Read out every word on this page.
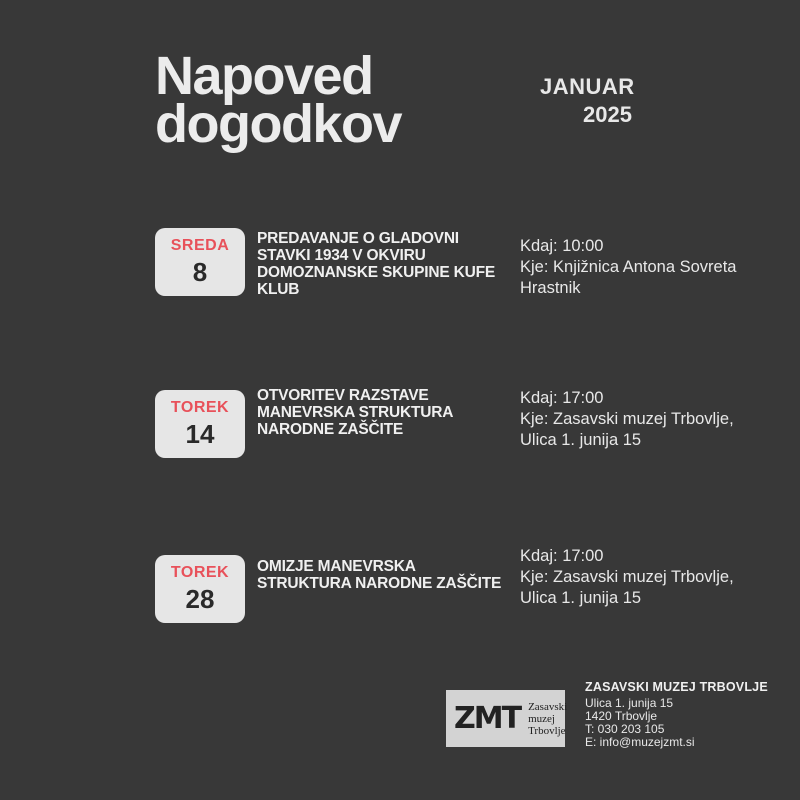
Napoved
dogodkov
JANUAR
2025
SREDA
8
PREDAVANJE O GLADOVNI STAVKI 1934 V OKVIRU DOMOZNANSKE SKUPINE KUFE KLUB
Kdaj: 10:00
Kje: Knjižnica Antona Sovreta Hrastnik
TOREK
14
OTVORITEV RAZSTAVE MANEVRSKA STRUKTURA NARODNE ZAŠČITE
Kdaj: 17:00
Kje: Zasavski muzej Trbovlje, Ulica 1. junija 15
TOREK
28
OMIZJE MANEVRSKA STRUKTURA NARODNE ZAŠČITE
Kdaj: 17:00
Kje: Zasavski muzej Trbovlje, Ulica 1. junija 15
ZMT Zasavski
muzej
Trbovlje
ZASAVSKI MUZEJ TRBOVLJE
Ulica 1. junija 15
1420 Trbovlje
T: 030 203 105
E: info@muzejzmt.si
